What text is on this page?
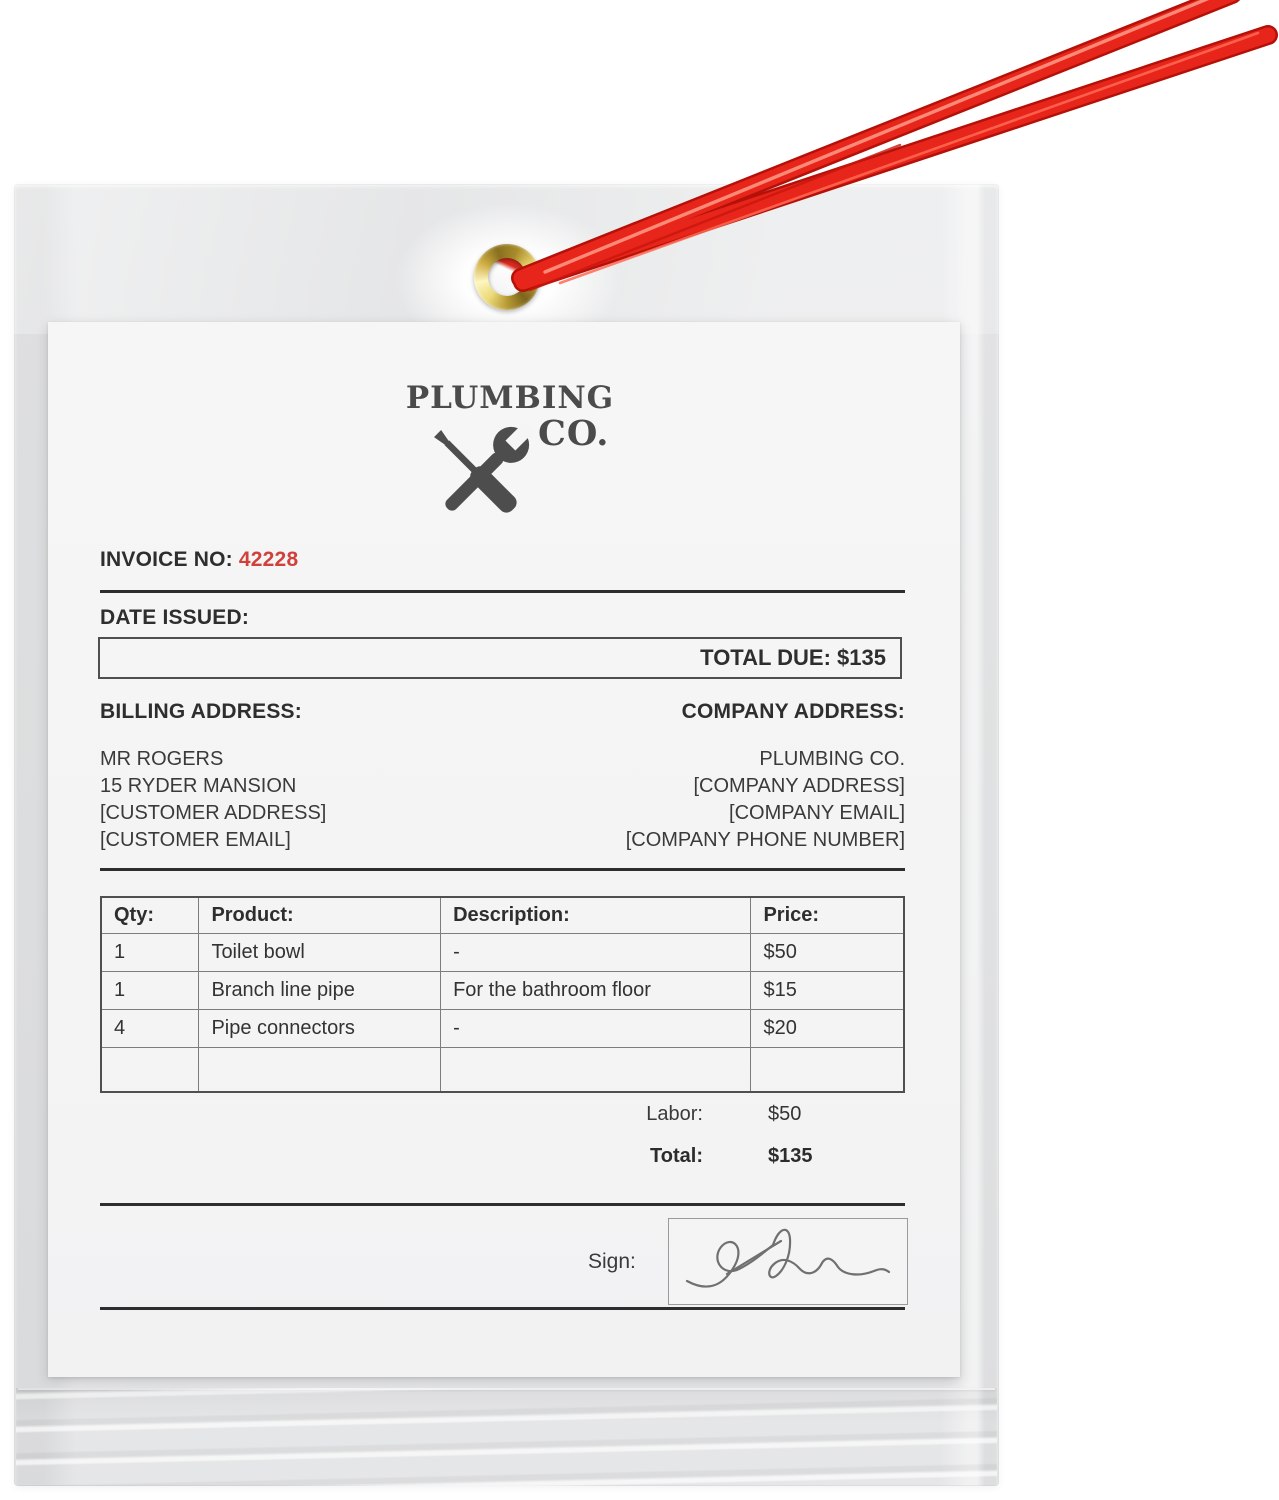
PLUMBING
CO.
INVOICE NO: 42228
DATE ISSUED:
TOTAL DUE: $135
BILLING ADDRESS:	COMPANY ADDRESS:
MR ROGERS
15 RYDER MANSION
[CUSTOMER ADDRESS]
[CUSTOMER EMAIL]
PLUMBING CO.
[COMPANY ADDRESS]
[COMPANY EMAIL]
[COMPANY PHONE NUMBER]
Qty:	Product:	Description:	Price:
1	Toilet bowl	-	$50
1	Branch line pipe	For the bathroom floor	$15
4	Pipe connectors	-	$20

Labor:	$50
Total:	$135
Sign:
